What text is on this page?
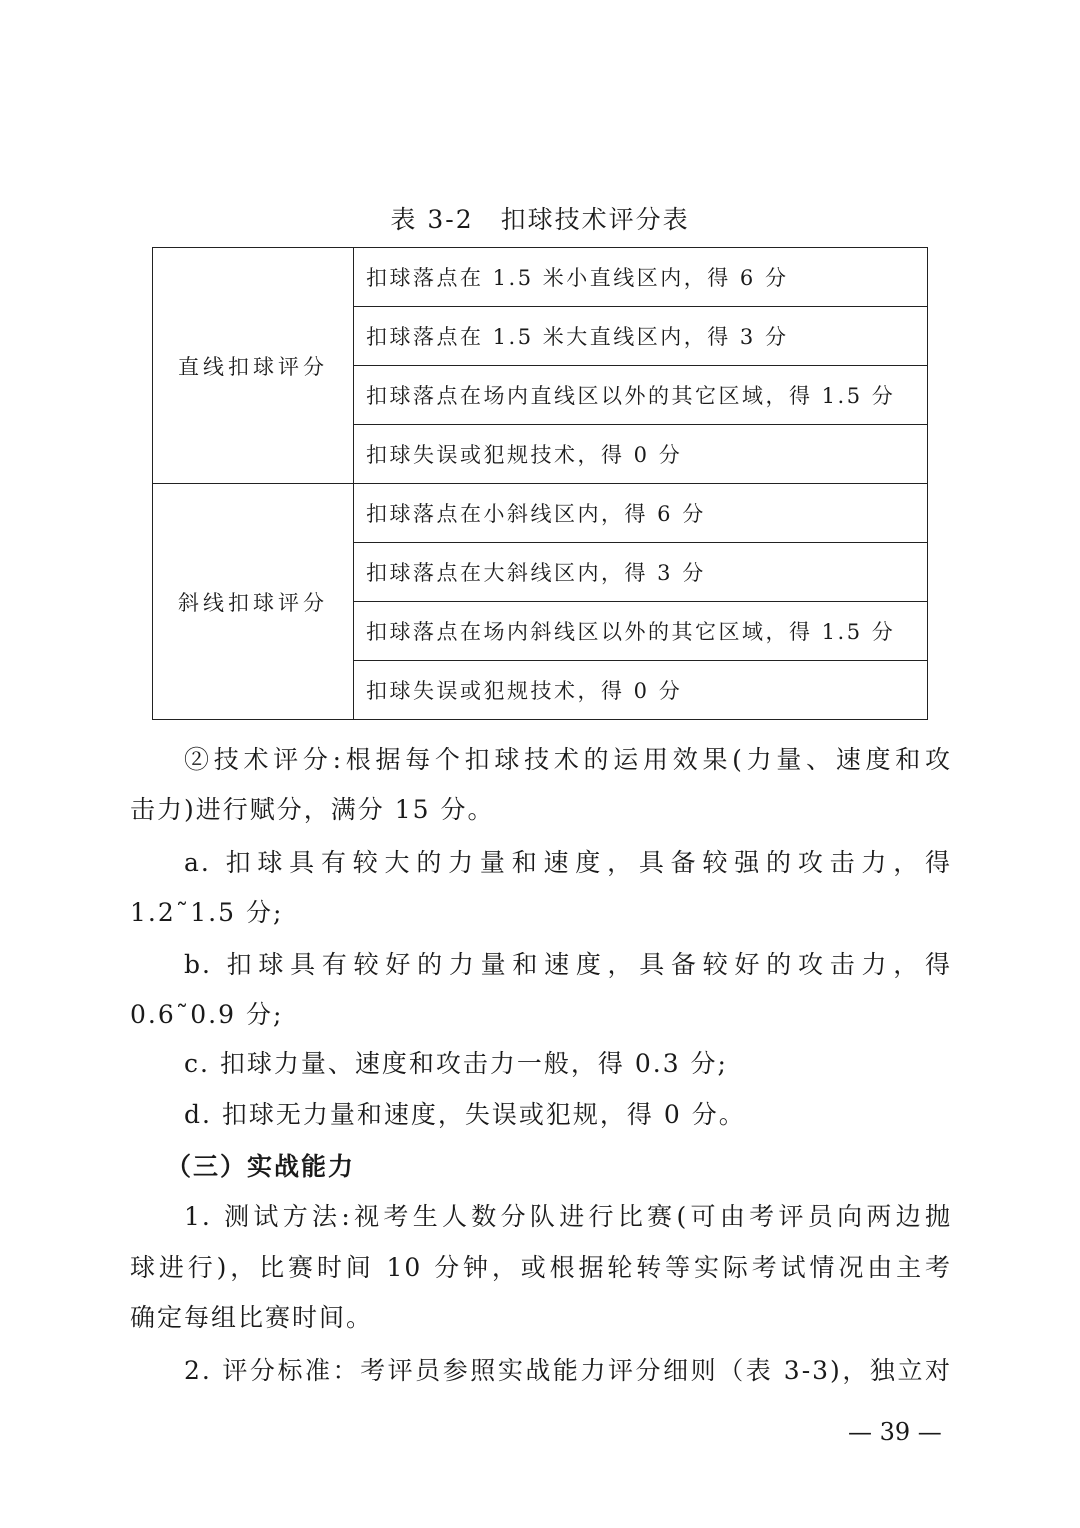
表 3-2　扣球技术评分表
直线扣球评分	扣球落点在 1.5 米小直线区内，得 6 分
	扣球落点在 1.5 米大直线区内，得 3 分
	扣球落点在场内直线区以外的其它区域，得 1.5 分
	扣球失误或犯规技术，得 0 分
斜线扣球评分	扣球落点在小斜线区内，得 6 分
	扣球落点在大斜线区内，得 3 分
	扣球落点在场内斜线区以外的其它区域，得 1.5 分
	扣球失误或犯规技术，得 0 分
②技术评分:根据每个扣球技术的运用效果(力量、速度和攻
击力)进行赋分，满分 15 分。
a. 扣球具有较大的力量和速度，具备较强的攻击力，得
1.2˜1.5 分;
b. 扣球具有较好的力量和速度，具备较好的攻击力，得
0.6˜0.9 分;
c. 扣球力量、速度和攻击力一般，得 0.3 分;
d. 扣球无力量和速度，失误或犯规，得 0 分。
（三）实战能力
1. 测试方法:视考生人数分队进行比赛(可由考评员向两边抛
球进行)，比赛时间 10 分钟，或根据轮转等实际考试情况由主考
确定每组比赛时间。
2. 评分标准：考评员参照实战能力评分细则（表 3-3)，独立对
— 39 —
